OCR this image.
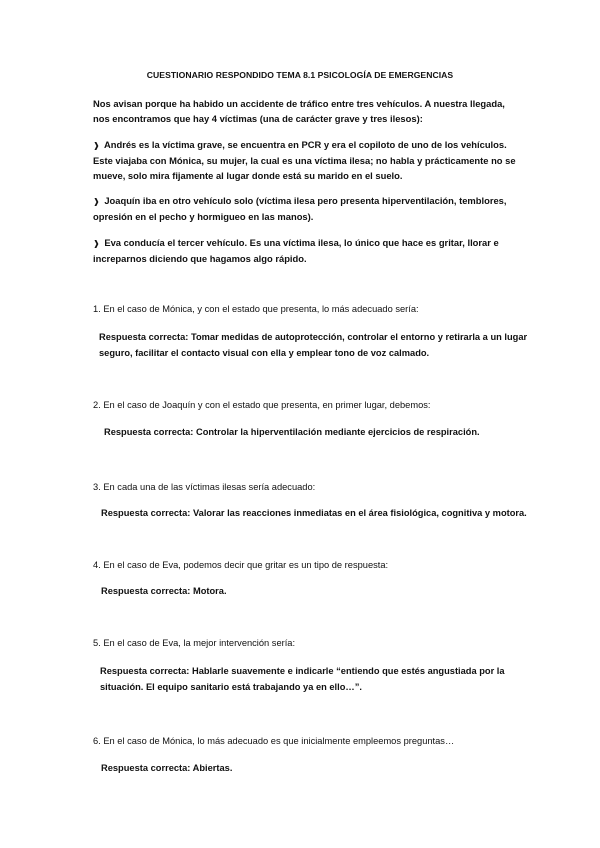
CUESTIONARIO RESPONDIDO TEMA 8.1 PSICOLOGÍA DE EMERGENCIAS
Nos avisan porque ha habido un accidente de tráfico entre tres vehículos. A nuestra llegada, nos encontramos que hay 4 víctimas (una de carácter grave y tres ilesos):
❱ Andrés es la víctima grave, se encuentra en PCR y era el copiloto de uno de los vehículos. Este viajaba con Mónica, su mujer, la cual es una víctima ilesa; no habla y prácticamente no se mueve, solo mira fijamente al lugar donde está su marido en el suelo.
❱ Joaquín iba en otro vehículo solo (víctima ilesa pero presenta hiperventilación, temblores, opresión en el pecho y hormigueo en las manos).
❱ Eva conducía el tercer vehículo. Es una víctima ilesa, lo único que hace es gritar, llorar e increparnos diciendo que hagamos algo rápido.
1. En el caso de Mónica, y con el estado que presenta, lo más adecuado sería:
Respuesta correcta: Tomar medidas de autoprotección, controlar el entorno y retirarla a un lugar seguro, facilitar el contacto visual con ella y emplear tono de voz calmado.
2. En el caso de Joaquín y con el estado que presenta, en primer lugar, debemos:
Respuesta correcta: Controlar la hiperventilación mediante ejercicios de respiración.
3. En cada una de las víctimas ilesas sería adecuado:
Respuesta correcta: Valorar las reacciones inmediatas en el área fisiológica, cognitiva y motora.
4. En el caso de Eva, podemos decir que gritar es un tipo de respuesta:
Respuesta correcta: Motora.
5. En el caso de Eva, la mejor intervención sería:
Respuesta correcta: Hablarle suavemente e indicarle “entiendo que estés angustiada por la situación. El equipo sanitario está trabajando ya en ello…”.
6. En el caso de Mónica, lo más adecuado es que inicialmente empleemos preguntas…
Respuesta correcta: Abiertas.
